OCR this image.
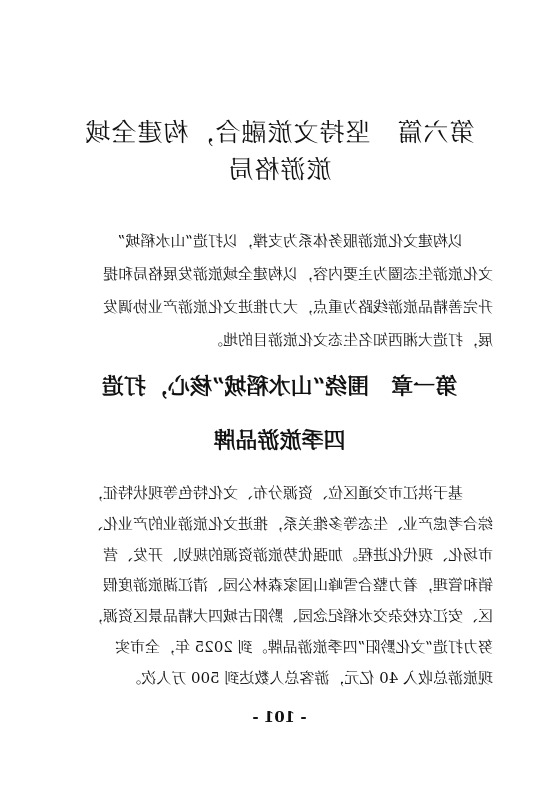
第六篇　坚持文旅融合，构建全域
旅游格局
以构建文化旅游服务体系为支撑，以打造“山水稻城”
文化旅游生态圈为主要内容，以构建全域旅游发展格局和提
升完善精品旅游线路为重点，大力推进文化旅游产业协调发
展，打造大湘西知名生态文化旅游目的地。
第一章　围绕“山水稻城”核心，打造
四季旅游品牌
基于洪江市交通区位、资源分布、文化特色等现状特征，
综合考虑产业、生态等多维关系，推进文化旅游业的产业化、
市场化、现代化进程。加强优势旅游资源的规划、开发、营
销和管理，着力整合雪峰山国家森林公园、清江湖旅游度假
区、安江农校杂交水稻纪念园、黔阳古城四大精品景区资源，
努力打造“文化黔阳”四季旅游品牌。到 2025 年，全市实
现旅游总收入 40 亿元，游客总人数达到 500 万人次。
- 101 -
